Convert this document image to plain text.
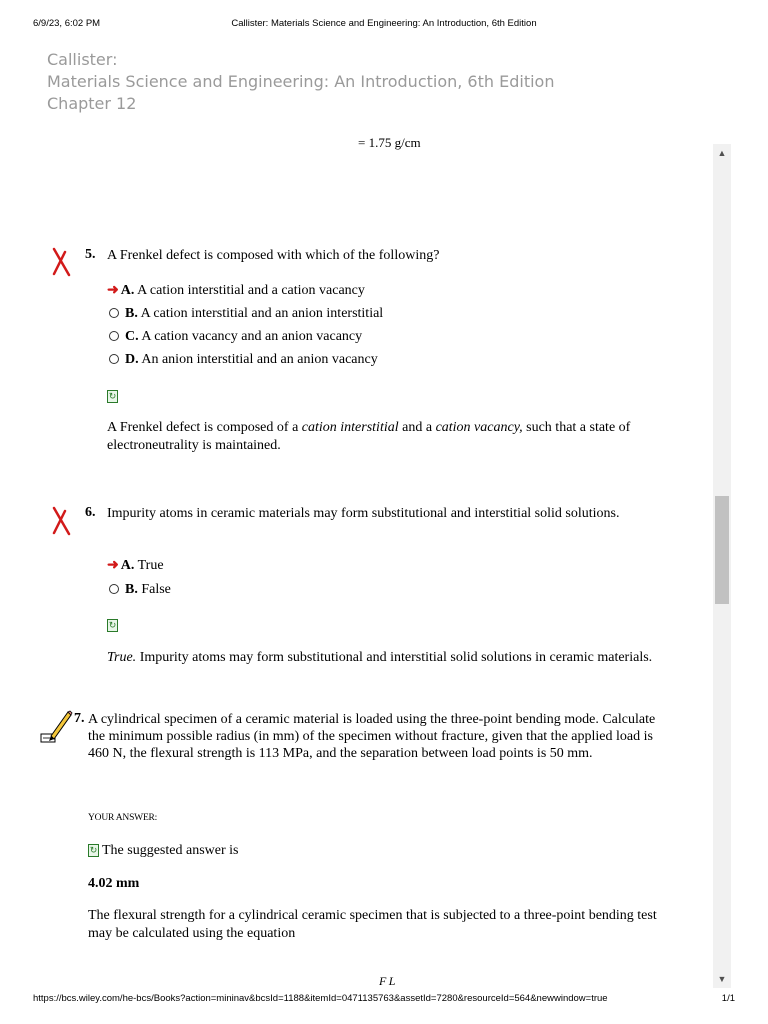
6/9/23, 6:02 PM	Callister: Materials Science and Engineering: An Introduction, 6th Edition
Callister:
Materials Science and Engineering: An Introduction, 6th Edition
Chapter 12
= 1.75 g/cm
5. A Frenkel defect is composed with which of the following?
➜ A. A cation interstitial and a cation vacancy
B. A cation interstitial and an anion interstitial
C. A cation vacancy and an anion vacancy
D. An anion interstitial and an anion vacancy
↻
A Frenkel defect is composed of a cation interstitial and a cation vacancy, such that a state of
electroneutrality is maintained.
6. Impurity atoms in ceramic materials may form substitutional and interstitial solid solutions.
➜ A. True
B. False
↻
True. Impurity atoms may form substitutional and interstitial solid solutions in ceramic materials.
7. A cylindrical specimen of a ceramic material is loaded using the three-point bending mode. Calculate
the minimum possible radius (in mm) of the specimen without fracture, given that the applied load is
460 N, the flexural strength is 113 MPa, and the separation between load points is 50 mm.
YOUR ANSWER:
↻ The suggested answer is
4.02 mm
The flexural strength for a cylindrical ceramic specimen that is subjected to a three-point bending test
may be calculated using the equation
F L
▲
▼
https://bcs.wiley.com/he-bcs/Books?action=mininav&bcsId=1188&itemId=0471135763&assetId=7280&resourceId=564&newwindow=true	1/1
